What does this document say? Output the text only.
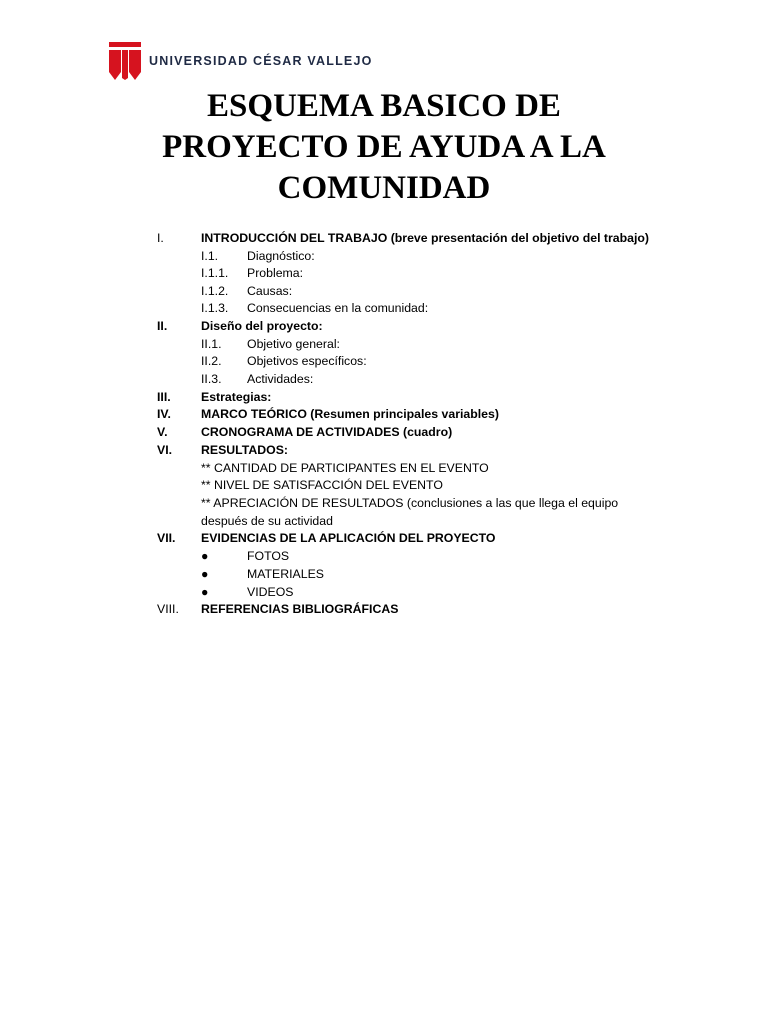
UNIVERSIDAD CÉSAR VALLEJO
ESQUEMA BASICO DE
PROYECTO DE AYUDA A LA
COMUNIDAD
I.	INTRODUCCIÓN DEL TRABAJO (breve presentación del objetivo del trabajo)
I.1. Diagnóstico:
I.1.1. Problema:
I.1.2. Causas:
I.1.3. Consecuencias en la comunidad:
II.	Diseño del proyecto:
II.1. Objetivo general:
II.2. Objetivos específicos:
II.3. Actividades:
III. Estrategias:
IV. MARCO TEÓRICO (Resumen principales variables)
V.	CRONOGRAMA DE ACTIVIDADES (cuadro)
VI. RESULTADOS:
** CANTIDAD DE PARTICIPANTES EN EL EVENTO
** NIVEL DE SATISFACCIÓN DEL EVENTO
** APRECIACIÓN DE RESULTADOS (conclusiones a las que llega el equipo
después de su actividad
VII. EVIDENCIAS DE LA APLICACIÓN DEL PROYECTO
●	FOTOS
●	MATERIALES
●	VIDEOS
VIII. REFERENCIAS BIBLIOGRÁFICAS
